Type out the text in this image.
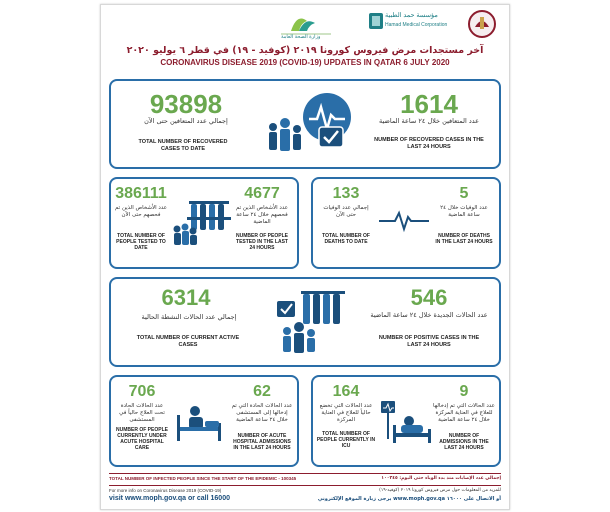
وزارة الصحة العامة
مؤسسة حمد الطبية
Hamad Medical Corporation
آخر مستجدات مرض فيروس كورونا ٢٠١٩ (كوفيد - ١٩) في قطر ٦ يوليو ٢٠٢٠
CORONAVIRUS DISEASE 2019 (COVID-19) UPDATES IN QATAR 6 JULY 2020
93898
إجمالي عدد المتعافين حتى الآن
TOTAL NUMBER OF RECOVERED CASES TO DATE
1614
عدد المتعافين خلال ٢٤ ساعة الماضية
NUMBER OF RECOVERED CASES IN THE LAST 24 HOURS
386111
عدد الأشخاص الذين تم فحصهم حتى الآن
TOTAL NUMBER OF PEOPLE TESTED TO DATE
4677
عدد الأشخاص الذين تم فحصهم خلال ٢٤ ساعة الماضية
NUMBER OF PEOPLE TESTED IN THE LAST 24 HOURS
133
إجمالي عدد الوفيات حتى الآن
TOTAL NUMBER OF DEATHS TO DATE
5
عدد الوفيات خلال ٢٤ ساعة الماضية
NUMBER OF DEATHS IN THE LAST 24 HOURS
6314
إجمالي عدد الحالات النشطة الحالية
TOTAL NUMBER OF CURRENT ACTIVE CASES
546
عدد الحالات الجديدة خلال ٢٤ ساعة الماضية
NUMBER OF POSITIVE CASES IN THE LAST 24 HOURS
706
عدد الحالات الحادة تحت العلاج حالياً في المستشفى
NUMBER OF PEOPLE CURRENTLY UNDER ACUTE HOSPITAL CARE
62
عدد الحالات الحادة التي تم إدخالها إلى المستشفى خلال ٢٤ ساعة الماضية
NUMBER OF ACUTE HOSPITAL ADMISSIONS IN THE LAST 24 HOURS
164
عدد الحالات التي تخضع حالياً للعلاج في العناية المركزة
TOTAL NUMBER OF PEOPLE CURRENTLY IN ICU
9
عدد الحالات التي تم إدخالها للعلاج في العناية المركزة خلال ٢٤ ساعة الماضية
NUMBER OF ADMISSIONS IN THE LAST 24 HOURS
TOTAL NUMBER OF INFECTED PEOPLE SINCE THE START OF THE EPIDEMIC - 100345	إجمالي عدد الإصابات منذ بدء الوباء حتى اليوم: ١٠٠٣٤٥
For more info on Coronavirus Disease 2019 (COVID-19)
visit www.moph.gov.qa or call 16000
للمزيد من المعلومات حول مرض فيروس كورونا ٢٠١٩ (كوفيد-١٩)
يرجى زيارة الموقع الإلكتروني www.moph.gov.qa أو الاتصال على ١٦٠٠٠
